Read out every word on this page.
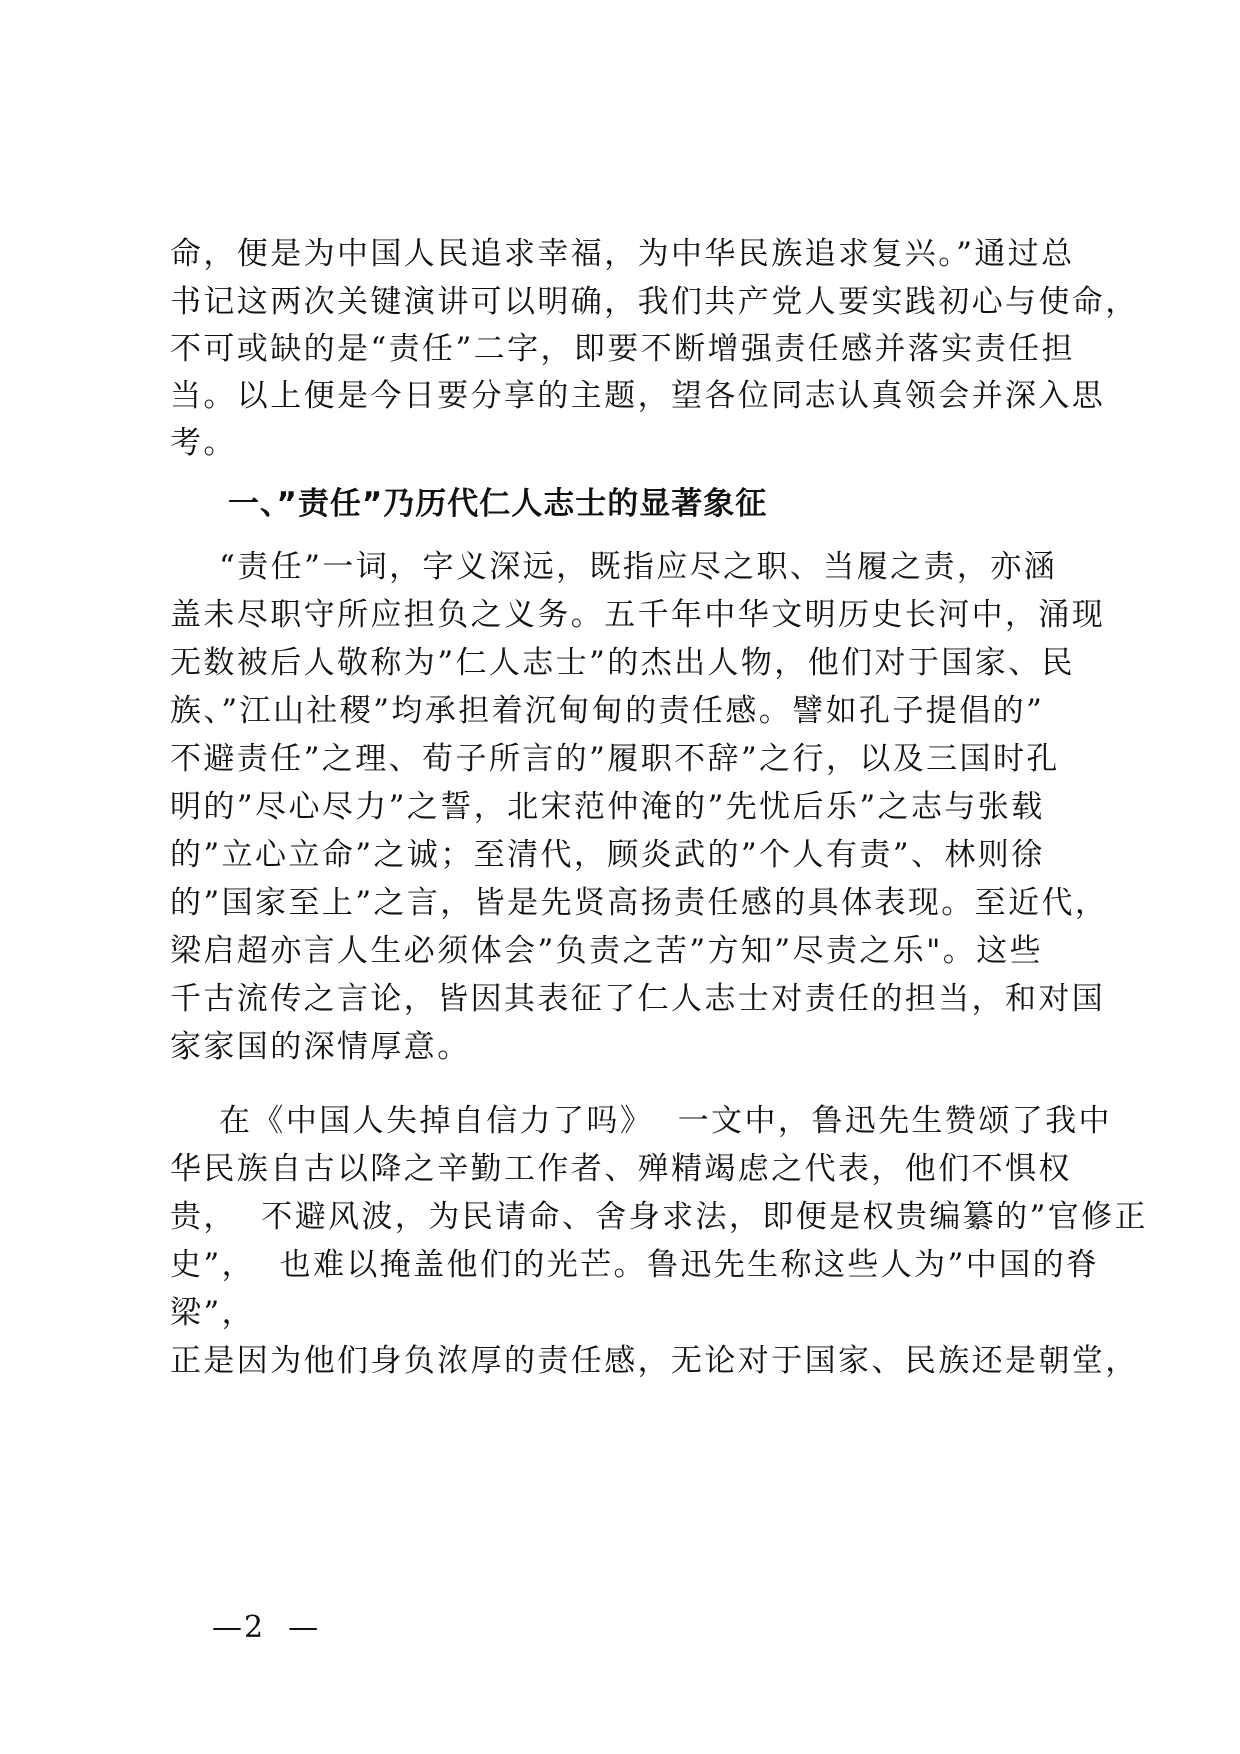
命，便是为中国人民追求幸福，为中华民族追求复兴。”通过总
书记这两次关键演讲可以明确，我们共产党人要实践初心与使命，
不可或缺的是“责任”二字，即要不断增强责任感并落实责任担
当。以上便是今日要分享的主题，望各位同志认真领会并深入思
考。
一、”责任”乃历代仁人志士的显著象征
“责任”一词，字义深远，既指应尽之职、当履之责，亦涵
盖未尽职守所应担负之义务。五千年中华文明历史长河中，涌现
无数被后人敬称为”仁人志士”的杰出人物，他们对于国家、民
族、”江山社稷”均承担着沉甸甸的责任感。譬如孔子提倡的”
不避责任”之理、荀子所言的”履职不辞”之行，以及三国时孔
明的”尽心尽力”之誓，北宋范仲淹的”先忧后乐”之志与张载
的”立心立命”之诚；至清代，顾炎武的”个人有责”、林则徐
的”国家至上”之言，皆是先贤高扬责任感的具体表现。至近代，
梁启超亦言人生必须体会”负责之苦”方知”尽责之乐"。这些
千古流传之言论，皆因其表征了仁人志士对责任的担当，和对国
家家国的深情厚意。
在《中国人失掉自信力了吗》  一文中，鲁迅先生赞颂了我中
华民族自古以降之辛勤工作者、殚精竭虑之代表，他们不惧权
贵，  不避风波，为民请命、舍身求法，即便是权贵编纂的”官修正
史”，  也难以掩盖他们的光芒。鲁迅先生称这些人为”中国的脊
梁”，
正是因为他们身负浓厚的责任感，无论对于国家、民族还是朝堂，
—2  —
